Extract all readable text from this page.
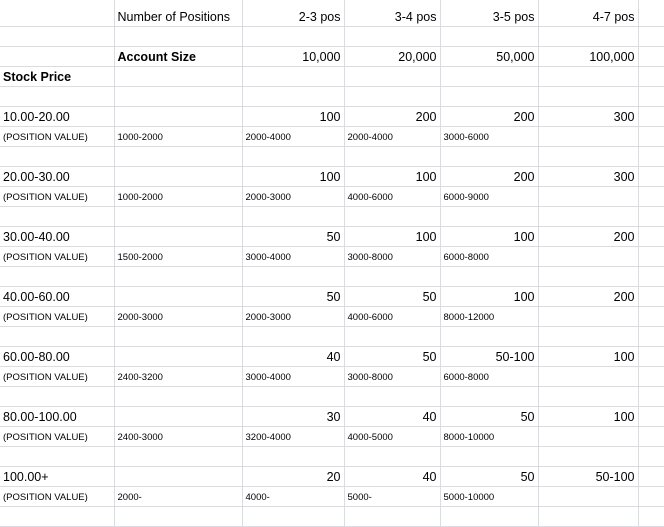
	Number of Positions	2-3 pos	3-4 pos	3-5 pos	4-7 pos	

	Account Size	10,000	20,000	50,000	100,000	
Stock Price						

10.00-20.00		100	200	200	300	
(POSITION VALUE)	1000-2000	2000-4000	2000-4000	3000-6000		

20.00-30.00		100	100	200	300	
(POSITION VALUE)	1000-2000	2000-3000	4000-6000	6000-9000		

30.00-40.00		50	100	100	200	
(POSITION VALUE)	1500-2000	3000-4000	3000-8000	6000-8000		

40.00-60.00		50	50	100	200	
(POSITION VALUE)	2000-3000	2000-3000	4000-6000	8000-12000		

60.00-80.00		40	50	50-100	100	
(POSITION VALUE)	2400-3200	3000-4000	3000-8000	6000-8000		

80.00-100.00		30	40	50	100	
(POSITION VALUE)	2400-3000	3200-4000	4000-5000	8000-10000		

100.00+		20	40	50	50-100	
(POSITION VALUE)	2000-	4000-	5000-	5000-10000		
